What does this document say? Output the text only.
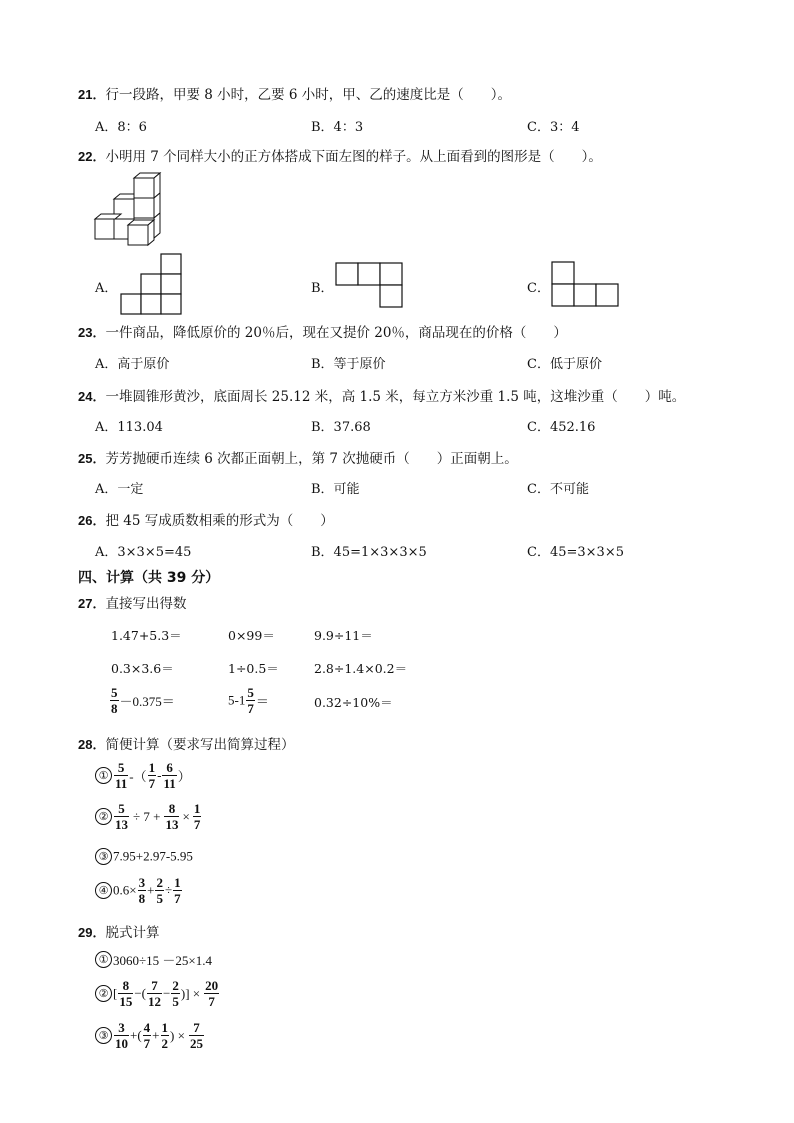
21．行一段路，甲要 8 小时，乙要 6 小时，甲、乙的速度比是（　　）。
A．8：6	B．4：3	C．3：4
22．小明用 7 个同样大小的正方体搭成下面左图的样子。从上面看到的图形是（　　）。
A．	B．	C．
23．一件商品，降低原价的 20％后，现在又提价 20％，商品现在的价格（　　）
A．高于原价	B．等于原价	C．低于原价
24．一堆圆锥形黄沙，底面周长 25.12 米，高 1.5 米，每立方米沙重 1.5 吨，这堆沙重（　　）吨。
A．113.04	B．37.68	C．452.16
25．芳芳抛硬币连续 6 次都正面朝上，第 7 次抛硬币（　　）正面朝上。
A．一定	B．可能	C．不可能
26．把 45 写成质数相乘的形式为（　　）
A．3×3×5=45	B．45=1×3×3×5	C．45=3×3×5
四、计算（共 39 分）
27．直接写出得数
1.47+5.3＝	0×99＝	9.9÷11＝
0.3×3.6＝	1÷0.5＝	2.8÷1.4×0.2＝
$\frac{5}{8} -0.375=$	$5-1 \frac{5}{7}$ ＝	0.32÷10%＝
28．简便计算（要求写出简算过程）
① $\frac{5}{11}$ -（ $\frac{1}{7} - \frac{6}{11}$ ）
② $\frac{5}{13} \div 7 + \frac{8}{13} \times \frac{1}{7}$
③ 7.95+2.97-5.95
④ $0.6\times \frac{3}{8} + \frac{2}{5} \div \frac{1}{7}$
29．脱式计算
① 3060÷15 －25×1.4
② [ $\frac{8}{15}$ −( $\frac{7}{12} - \frac{2}{5}$ )] × $\frac{20}{7}$
③ $\frac{3}{10}$ +( $\frac{4}{7} + \frac{1}{2}$ ) × $\frac{7}{25}$
